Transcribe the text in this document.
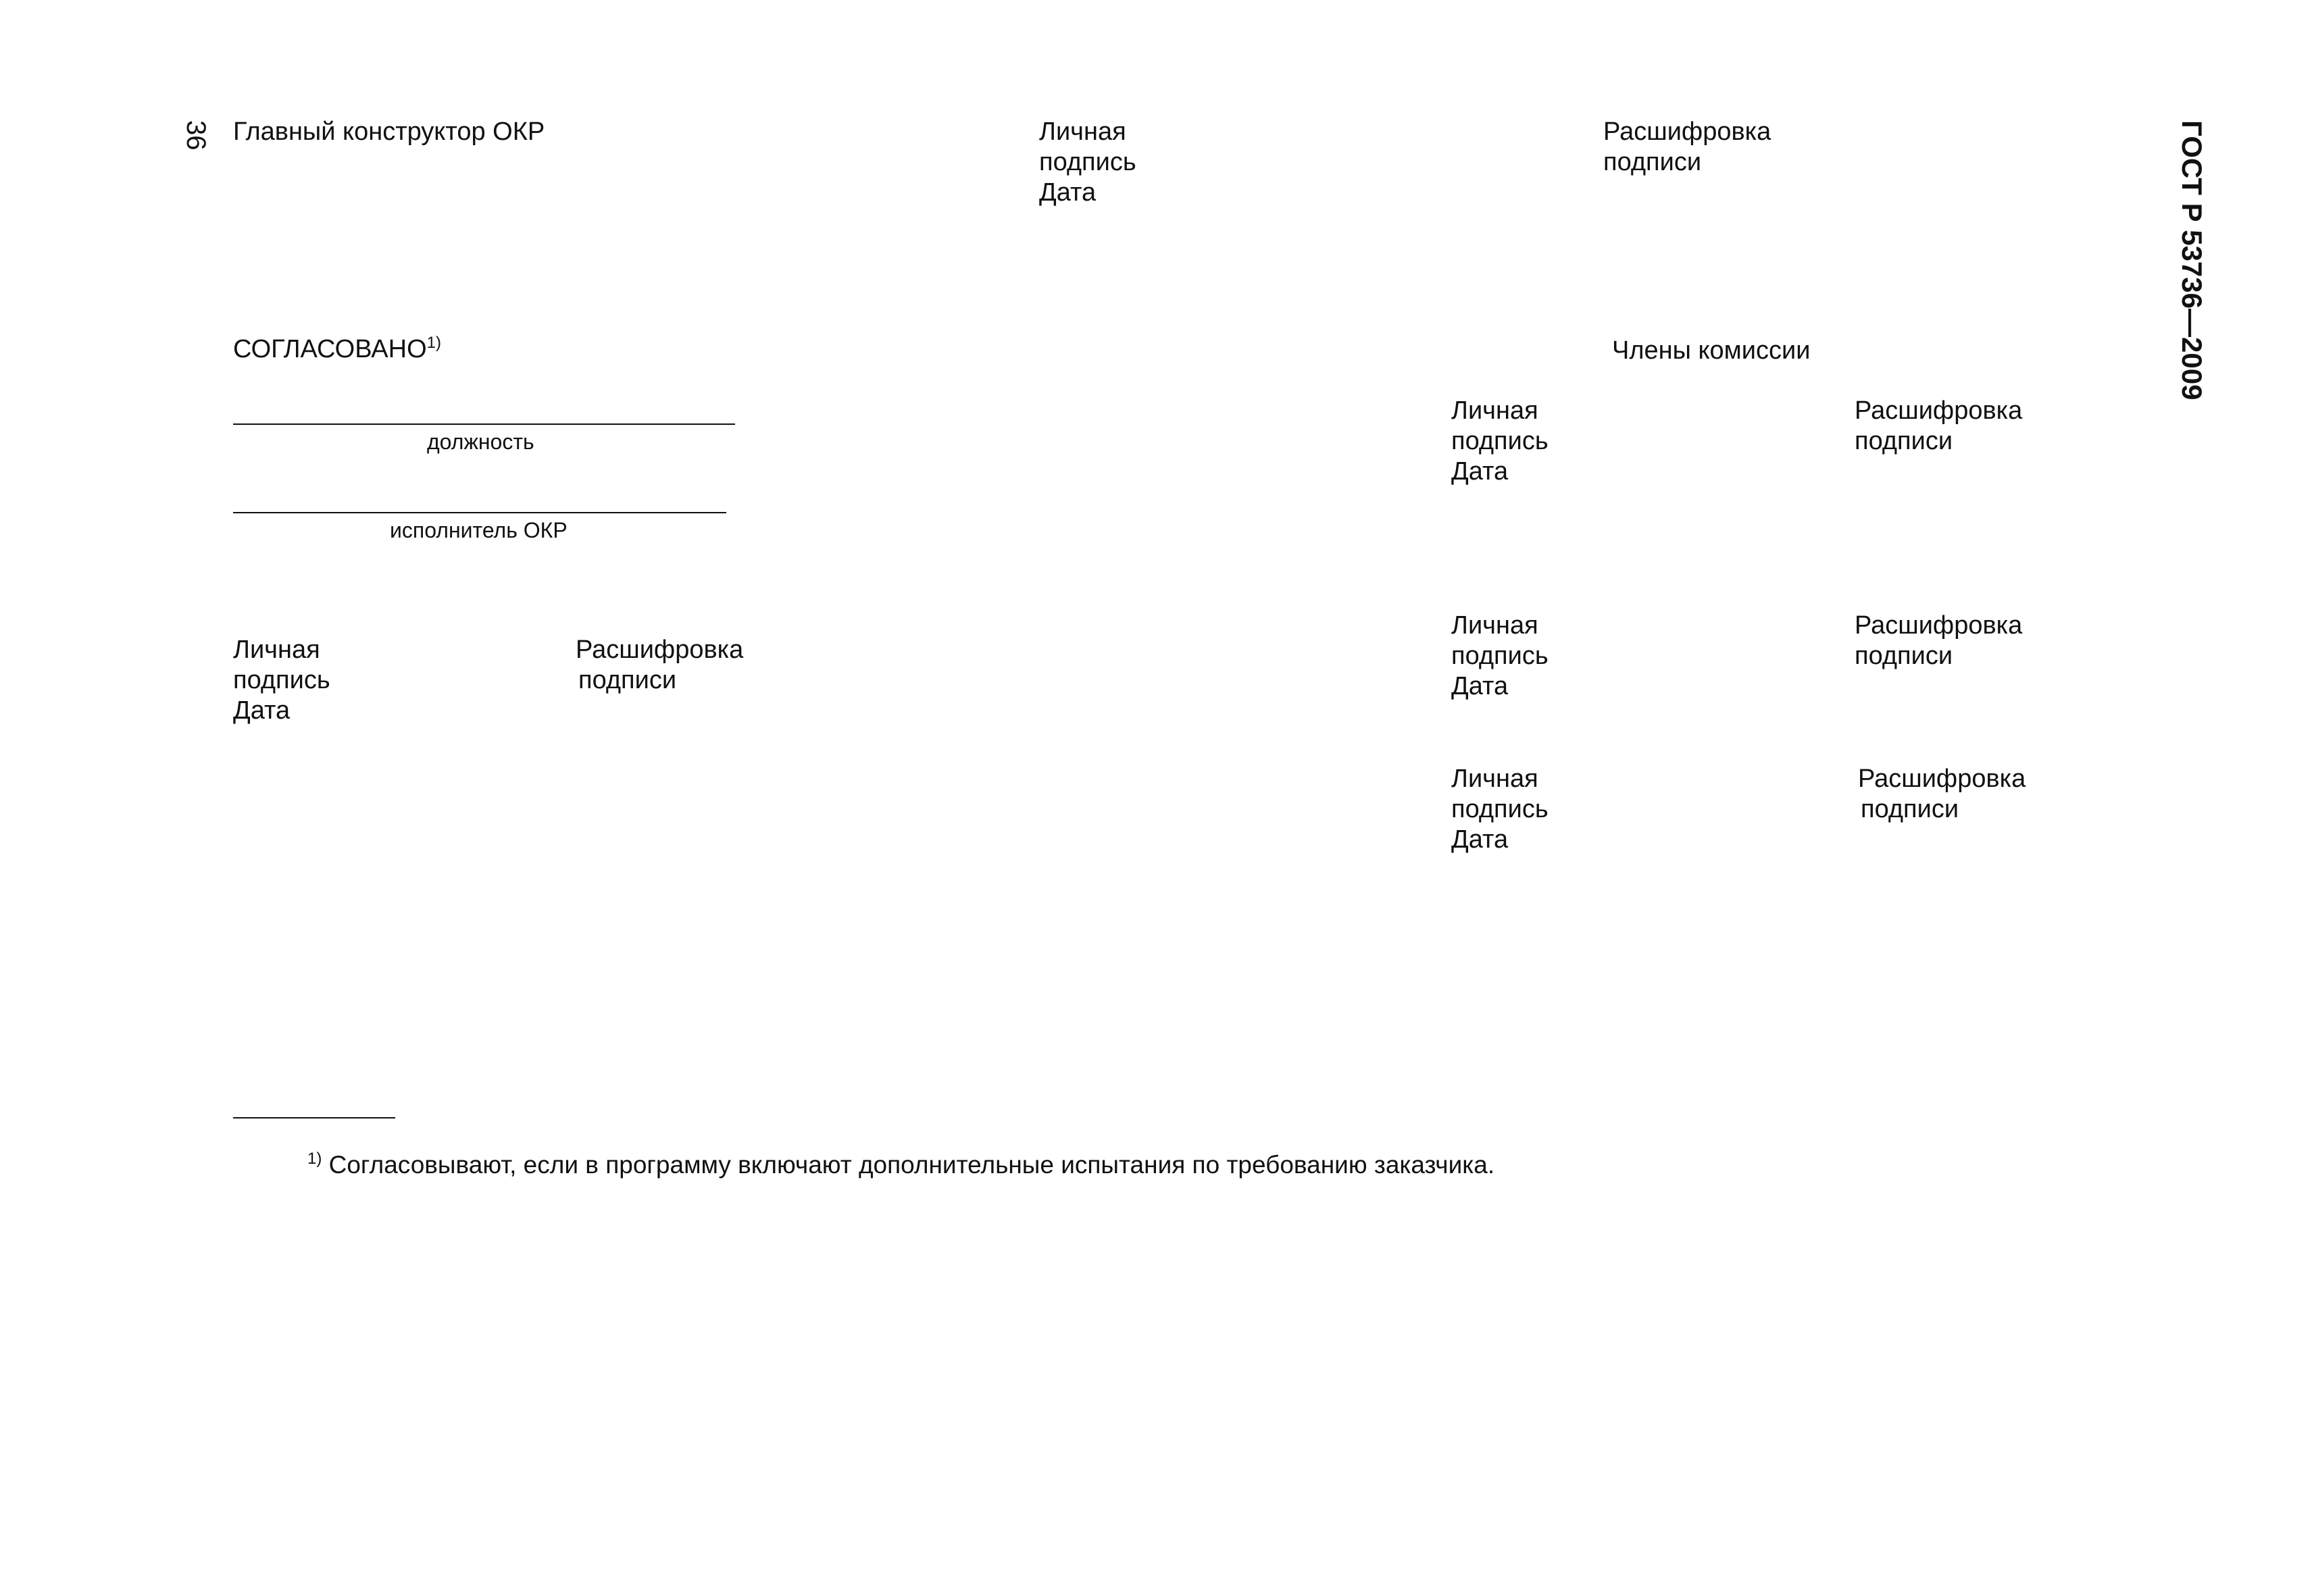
36	ГОСТ Р 53736—2009
Главный конструктор ОКР	Личная
подпись
Дата
Расшифровка
подписи
СОГЛАСОВАНО$^{1)}$
должность
исполнитель ОКР
Личная
подпись
Дата
Расшифровка
подписи
Члены комиссии
Личная
подпись
Дата
Расшифровка
подписи
Личная
подпись
Дата
Расшифровка
подписи
Личная
подпись
Дата
Расшифровка
подписи
$^{1)}$ Согласовывают, если в программу включают дополнительные испытания по требованию заказчика.
